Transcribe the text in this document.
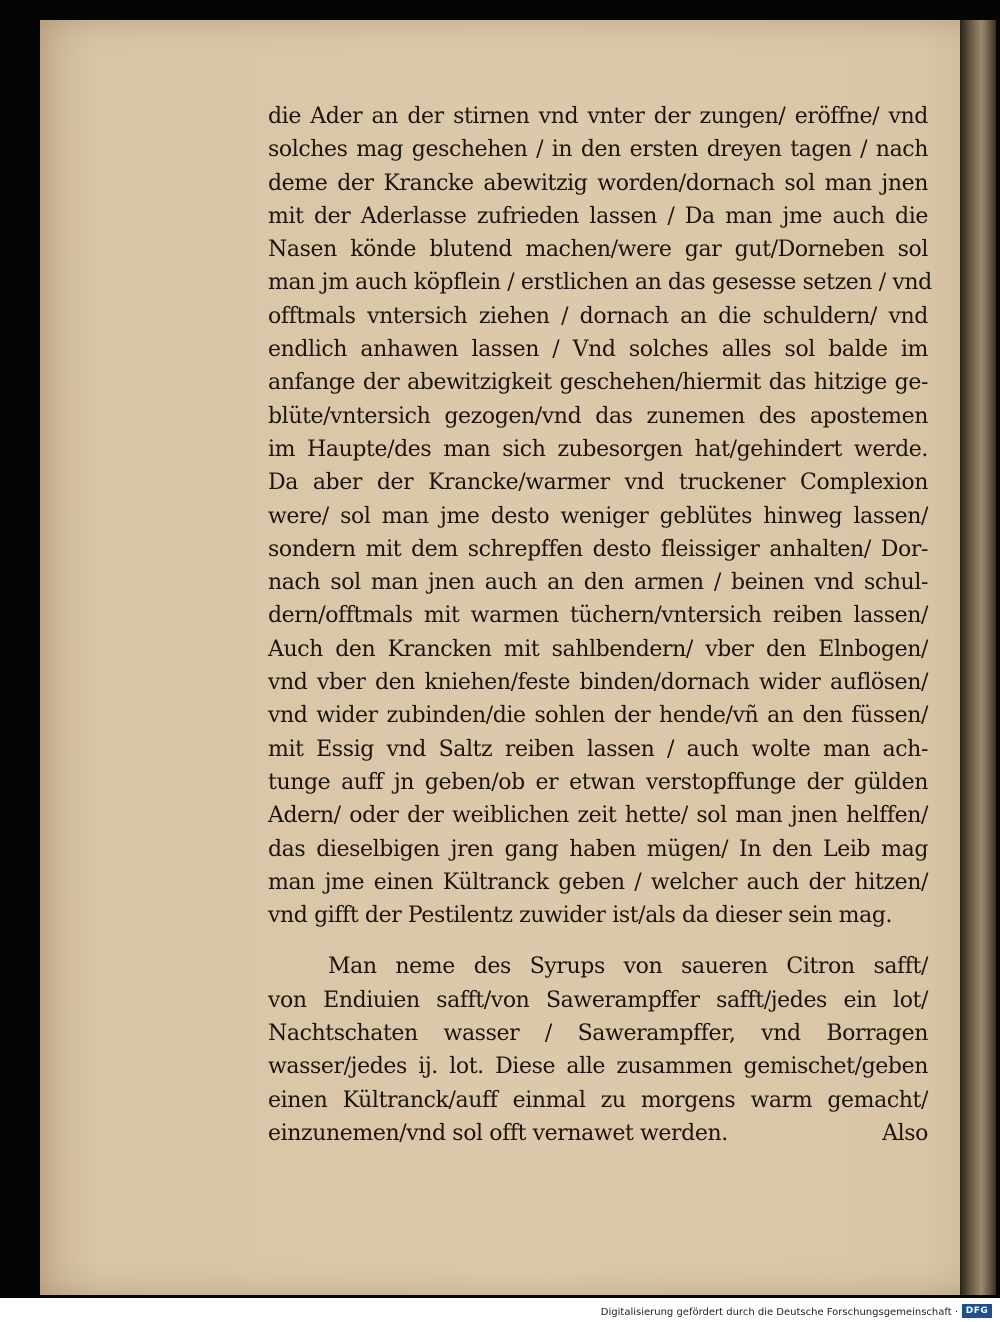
die Ader an der stirnen vnd vnter der zungen/ eröffne/ vnd
solches mag geschehen / in den ersten dreyen tagen / nach
deme der Krancke abewitzig worden/dornach sol man jnen
mit der Aderlasse zufrieden lassen / Da man jme auch die
Nasen könde blutend machen/were gar gut/Dorneben sol
man jm auch köpflein / erstlichen an das gesesse setzen / vnd
offtmals vntersich ziehen / dornach an die schuldern/ vnd
endlich anhawen lassen / Vnd solches alles sol balde im
anfange der abewitzigkeit geschehen/hiermit das hitzige ge-
blüte/vntersich gezogen/vnd das zunemen des apostemen
im Haupte/des man sich zubesorgen hat/gehindert werde.
Da aber der Krancke/warmer vnd truckener Complexion
were/ sol man jme desto weniger geblütes hinweg lassen/
sondern mit dem schrepffen desto fleissiger anhalten/ Dor-
nach sol man jnen auch an den armen / beinen vnd schul-
dern/offtmals mit warmen tüchern/vntersich reiben lassen/
Auch den Krancken mit sahlbendern/ vber den Elnbogen/
vnd vber den kniehen/feste binden/dornach wider auflösen/
vnd wider zubinden/die sohlen der hende/vñ an den füssen/
mit Essig vnd Saltz reiben lassen / auch wolte man ach-
tunge auff jn geben/ob er etwan verstopffunge der gülden
Adern/ oder der weiblichen zeit hette/ sol man jnen helffen/
das dieselbigen jren gang haben mügen/ In den Leib mag
man jme einen Kültranck geben / welcher auch der hitzen/
vnd gifft der Pestilentz zuwider ist/als da dieser sein mag.
Man neme des Syrups von saueren Citron safft/
von Endiuien safft/von Sawerampffer safft/jedes ein lot/
Nachtschaten wasser / Sawerampffer, vnd Borragen
wasser/jedes ij. lot. Diese alle zusammen gemischet/geben
einen Kültranck/auff einmal zu morgens warm gemacht/
einzunemen/vnd sol offt vernawet werden.	Also
Digitalisierung gefördert durch die Deutsche Forschungsgemeinschaft · DFG
